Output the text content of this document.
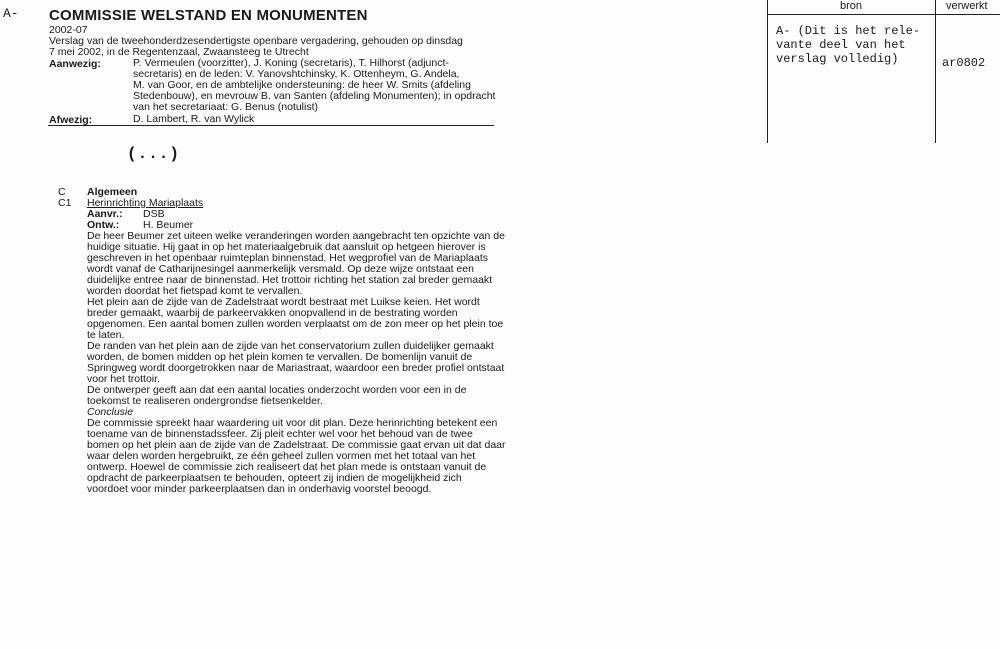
A- COMMISSIE WELSTAND EN MONUMENTEN
2002-07
Verslag van de tweehonderdzesendertigste openbare vergadering, gehouden op dinsdag
7 mei 2002, in de Regentenzaal, Zwaansteeg te Utrecht
Aanwezig:	P. Vermeulen (voorzitter), J. Koning (secretaris), T. Hilhorst (adjunct-
secretaris) en de leden: V. Yanovshtchinsky, K. Ottenheym, G. Andela,
M. van Goor, en de ambtelijke ondersteuning: de heer W. Smits (afdeling
Stedenbouw), en mevrouw B. van Santen (afdeling Monumenten); in opdracht
van het secretariaat: G. Benus (notulist)
Afwezig:	D. Lambert, R. van Wylick
(...)
C Algemeen
C1 Herinrichting Mariaplaats
Aanvr.: DSB
Ontw.: H. Beumer

De heer Beumer zet uiteen welke veranderingen worden aangebracht ten opzichte van de

huidige situatie. Hij gaat in op het materiaalgebruik dat aansluit op hetgeen hierover is

geschreven in het openbaar ruimteplan binnenstad. Het wegprofiel van de Mariaplaats

wordt vanaf de Catharijnesingel aanmerkelijk versmald. Op deze wijze ontstaat een

duidelijke entree naar de binnenstad. Het trottoir richting het station zal breder gemaakt

worden doordat het fietspad komt te vervallen.

Het plein aan de zijde van de Zadelstraat wordt bestraat met Luikse keien. Het wordt

breder gemaakt, waarbij de parkeervakken onopvallend in de bestrating worden

opgenomen. Een aantal bomen zullen worden verplaatst om de zon meer op het plein toe

te laten.

De randen van het plein aan de zijde van het conservatorium zullen duidelijker gemaakt

worden, de bomen midden op het plein komen te vervallen. De bomenlijn vanuit de

Springweg wordt doorgetrokken naar de Mariastraat, waardoor een breder profiel ontstaat

voor het trottoir.

De ontwerper geeft aan dat een aantal locaties onderzocht worden voor een in de

toekomst te realiseren ondergrondse fietsenkelder.

Conclusie

De commissie spreekt haar waardering uit voor dit plan. Deze herinrichting betekent een

toename van de binnenstadssfeer. Zij pleit echter wel voor het behoud van de twee

bomen op het plein aan de zijde van de Zadelstraat. De commissie gaat ervan uit dat daar

waar delen worden hergebruikt, ze één geheel zullen vormen met het totaal van het

ontwerp. Hoewel de commissie zich realiseert dat het plan mede is ontstaan vanuit de

opdracht de parkeerplaatsen te behouden, opteert zij indien de mogelijkheid zich

voordoet voor minder parkeerplaatsen dan in onderhavig voorstel beoogd.

bron	verwerkt
A- (Dit is het rele-
vante deel van het
verslag volledig)	ar0802
